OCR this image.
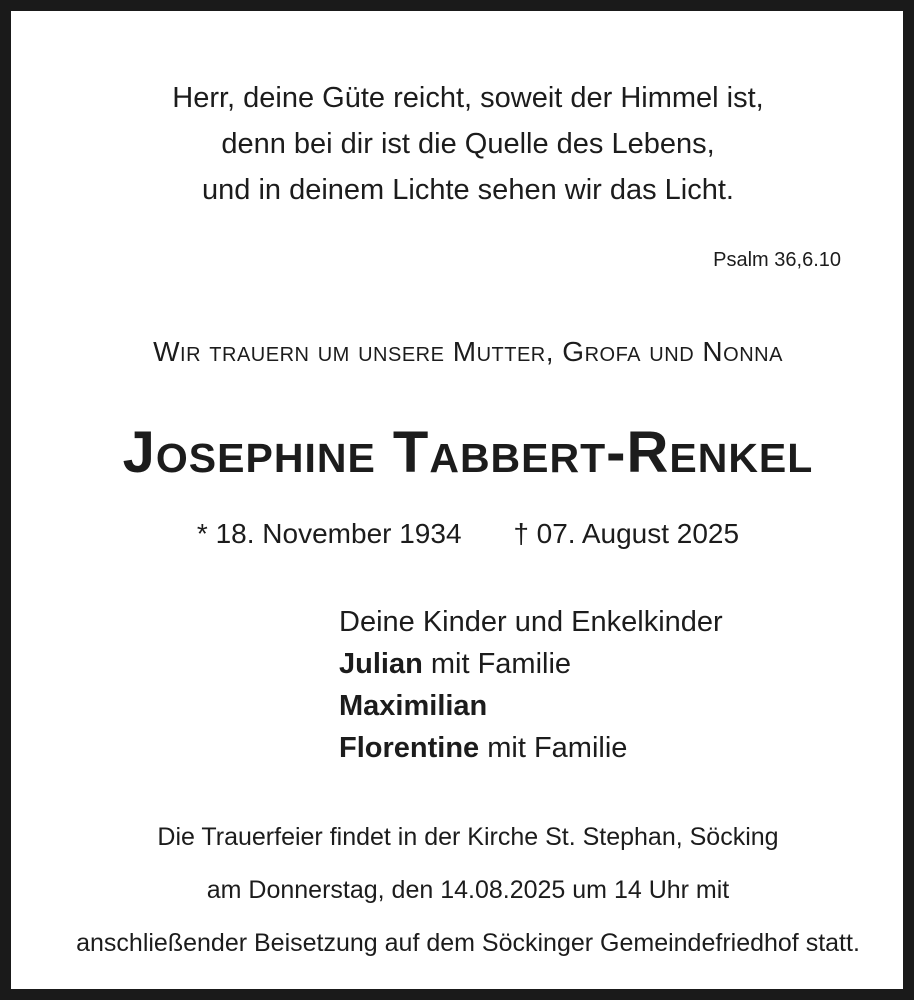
Herr, deine Güte reicht, soweit der Himmel ist,
denn bei dir ist die Quelle des Lebens,
und in deinem Lichte sehen wir das Licht.

Psalm 36,6.10

Wir trauern um unsere Mutter, Grofa und Nonna

Josephine Tabbert-Renkel

* 18. November 1934 † 07. August 2025

Deine Kinder und Enkelkinder
Julian mit Familie
Maximilian
Florentine mit Familie

Die Trauerfeier findet in der Kirche St. Stephan, Söcking
am Donnerstag, den 14.08.2025 um 14 Uhr mit
anschließender Beisetzung auf dem Söckinger Gemeindefriedhof statt.
